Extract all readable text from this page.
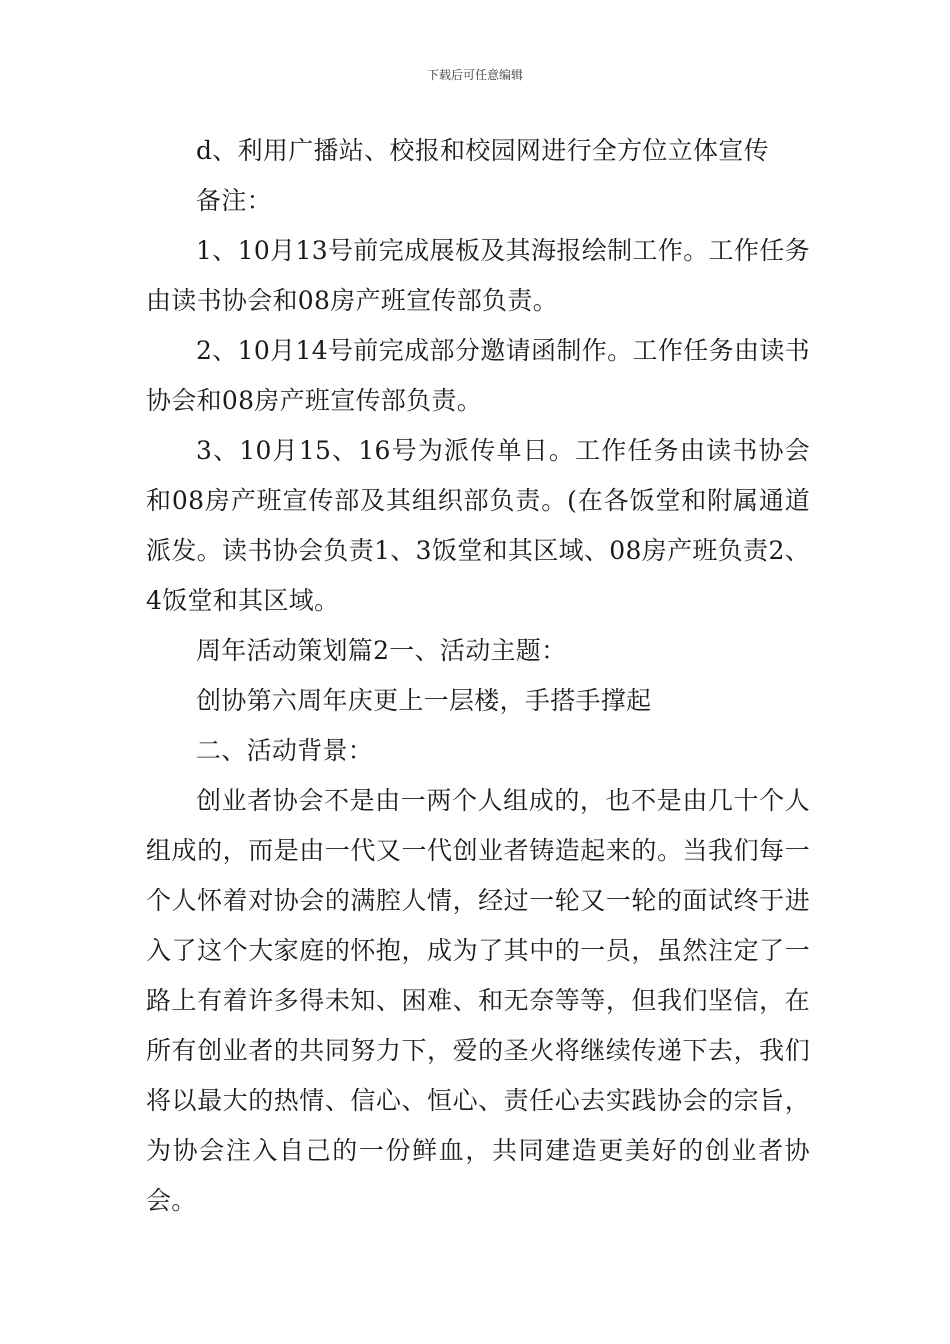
下载后可任意编辑

d、利用广播站、校报和校园网进行全方位立体宣传

备注：

1、10月13号前完成展板及其海报绘制工作。工作任务由读书协会和08房产班宣传部负责。

2、10月14号前完成部分邀请函制作。工作任务由读书协会和08房产班宣传部负责。

3、10月15、16号为派传单日。工作任务由读书协会和08房产班宣传部及其组织部负责。(在各饭堂和附属通道派发。读书协会负责1、3饭堂和其区域、08房产班负责2、4饭堂和其区域。

周年活动策划篇2一、活动主题：

创协第六周年庆更上一层楼，手搭手撑起

二、活动背景：

创业者协会不是由一两个人组成的，也不是由几十个人组成的，而是由一代又一代创业者铸造起来的。当我们每一个人怀着对协会的满腔人情，经过一轮又一轮的面试终于进入了这个大家庭的怀抱，成为了其中的一员，虽然注定了一路上有着许多得未知、困难、和无奈等等，但我们坚信，在所有创业者的共同努力下，爱的圣火将继续传递下去，我们将以最大的热情、信心、恒心、责任心去实践协会的宗旨，为协会注入自己的一份鲜血，共同建造更美好的创业者协会。
